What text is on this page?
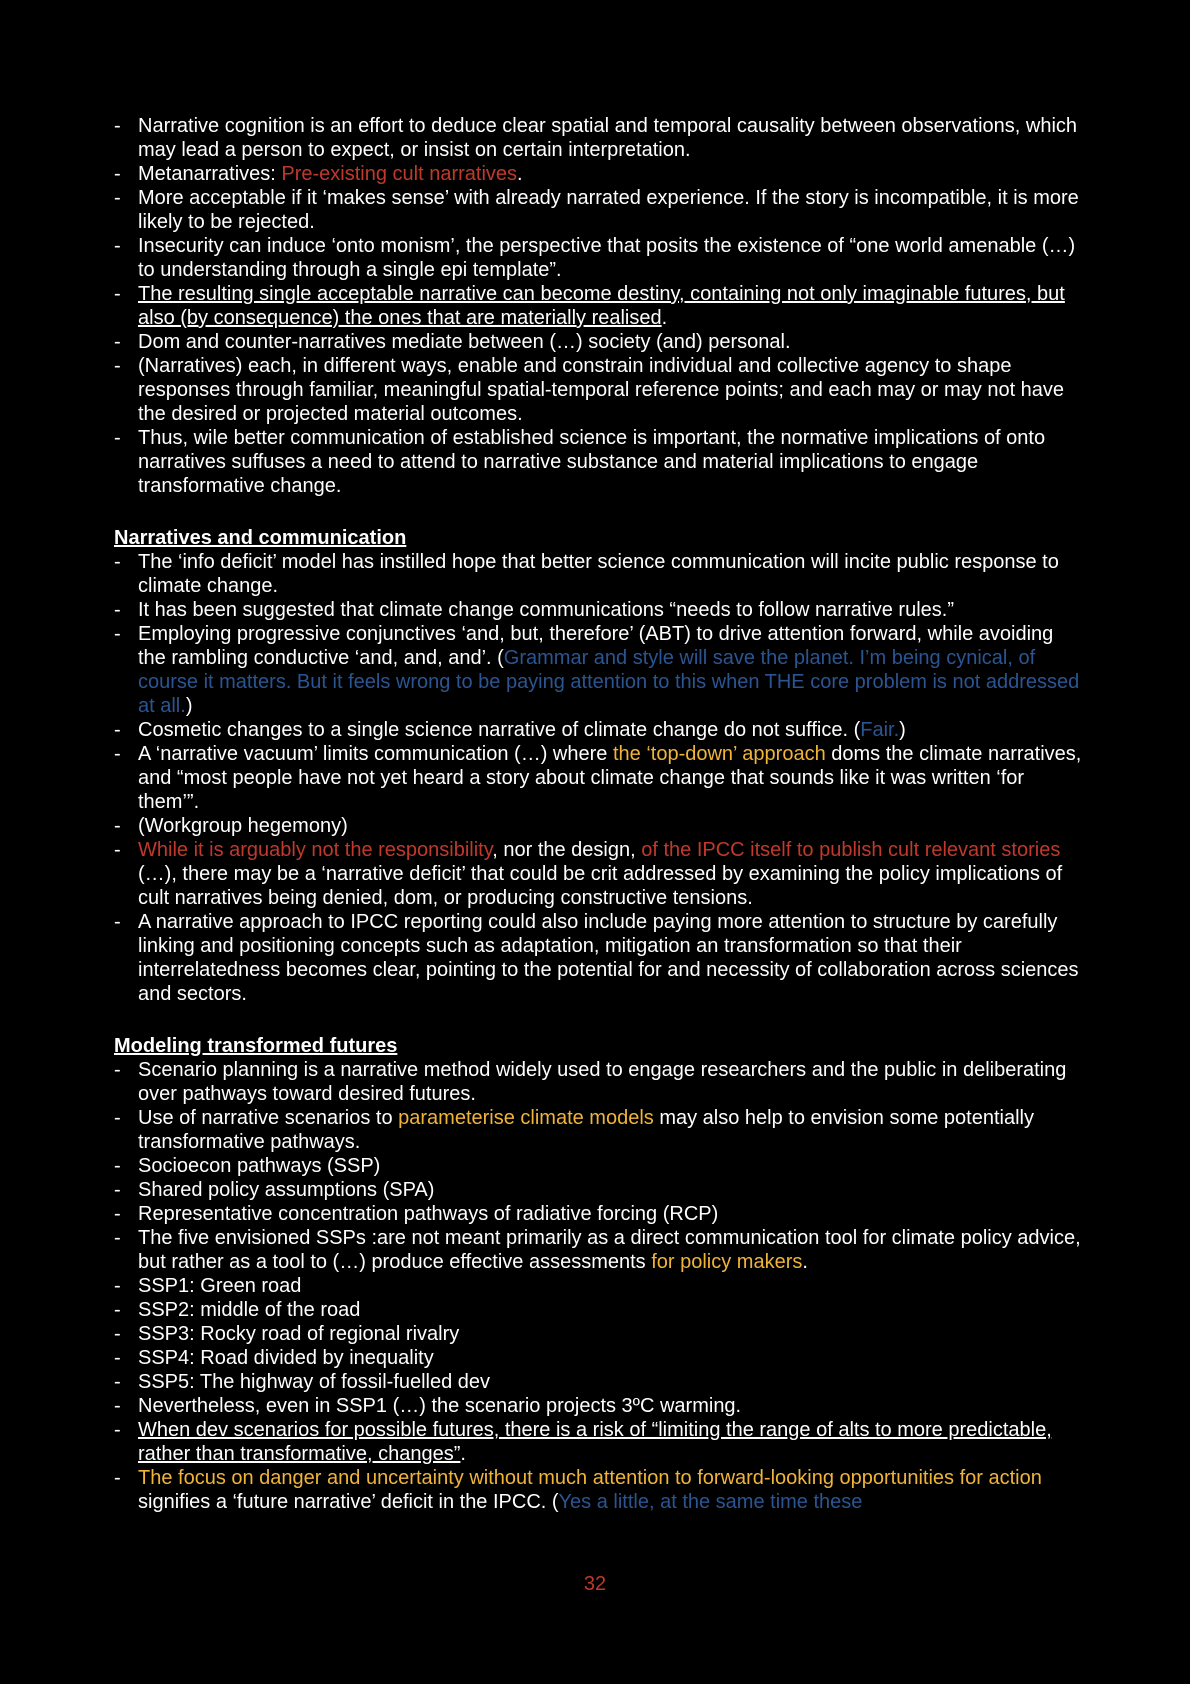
- Narrative cognition is an effort to deduce clear spatial and temporal causality between observations, which may lead a person to expect, or insist on certain interpretation.
- Metanarratives: Pre-existing cult narratives.
- More acceptable if it ‘makes sense’ with already narrated experience. If the story is incompatible, it is more likely to be rejected.
- Insecurity can induce ‘onto monism’, the perspective that posits the existence of “one world amenable (…) to understanding through a single epi template”.
- The resulting single acceptable narrative can become destiny, containing not only imaginable futures, but also (by consequence) the ones that are materially realised.
- Dom and counter-narratives mediate between (…) society (and) personal.
- (Narratives) each, in different ways, enable and constrain individual and collective agency to shape responses through familiar, meaningful spatial-temporal reference points; and each may or may not have the desired or projected material outcomes.
- Thus, wile better communication of established science is important, the normative implications of onto narratives suffuses a need to attend to narrative substance and material implications to engage transformative change.

Narratives and communication

- The ‘info deficit’ model has instilled hope that better science communication will incite public response to climate change.
- It has been suggested that climate change communications “needs to follow narrative rules.”
- Employing progressive conjunctives ‘and, but, therefore’ (ABT) to drive attention forward, while avoiding the rambling conductive ‘and, and, and’. (Grammar and style will save the planet. I’m being cynical, of course it matters. But it feels wrong to be paying attention to this when THE core problem is not addressed at all.)
- Cosmetic changes to a single science narrative of climate change do not suffice. (Fair.)
- A ‘narrative vacuum’ limits communication (…) where the ‘top-down’ approach doms the climate narratives, and “most people have not yet heard a story about climate change that sounds like it was written ‘for them’”.
- (Workgroup hegemony)
- While it is arguably not the responsibility, nor the design, of the IPCC itself to publish cult relevant stories (…), there may be a ‘narrative deficit’ that could be crit addressed by examining the policy implications of cult narratives being denied, dom, or producing constructive tensions.
- A narrative approach to IPCC reporting could also include paying more attention to structure by carefully linking and positioning concepts such as adaptation, mitigation an transformation so that their interrelatedness becomes clear, pointing to the potential for and necessity of collaboration across sciences and sectors.

Modeling transformed futures

- Scenario planning is a narrative method widely used to engage researchers and the public in deliberating over pathways toward desired futures.
- Use of narrative scenarios to parameterise climate models may also help to envision some potentially transformative pathways.
- Socioecon pathways (SSP)
- Shared policy assumptions (SPA)
- Representative concentration pathways of radiative forcing (RCP)
- The five envisioned SSPs :are not meant primarily as a direct communication tool for climate policy advice, but rather as a tool to (…) produce effective assessments for policy makers.
- SSP1: Green road
- SSP2: middle of the road
- SSP3: Rocky road of regional rivalry
- SSP4: Road divided by inequality
- SSP5: The highway of fossil-fuelled dev
- Nevertheless, even in SSP1 (…) the scenario projects 3ºC warming.
- When dev scenarios for possible futures, there is a risk of “limiting the range of alts to more predictable, rather than transformative, changes”.
- The focus on danger and uncertainty without much attention to forward-looking opportunities for action signifies a ‘future narrative’ deficit in the IPCC. (Yes a little, at the same time these
32
